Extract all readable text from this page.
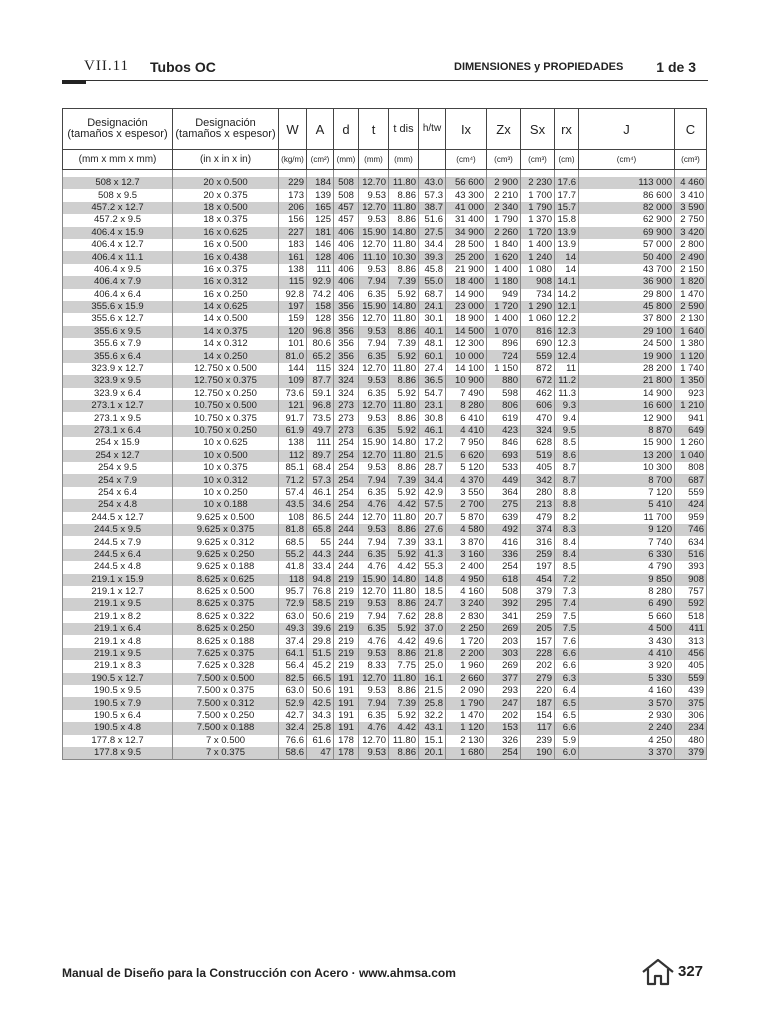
VII.11 Tubos OC	DIMENSIONES y PROPIEDADES 1 de 3
Designación
(tamaños x espesor)	Designación
(tamaños x espesor)	W	A	d	t	t dis	h/tw	Ix	Zx	Sx	rx	J	C
(mm x mm x mm)	(in x in x in)	(kg/m)	(cm²)	(mm)	(mm)	(mm)		(cm⁴)	(cm³)	(cm³)	(cm)	(cm⁴)	(cm³)

508 x 12.7	20 x 0.500	229	184	508	12.70	11.80	43.0	56 600	2 900	2 230	17.6	113 000	4 460
508 x 9.5	20 x 0.375	173	139	508	9.53	8.86	57.3	43 300	2 210	1 700	17.7	86 600	3 410
457.2 x 12.7	18 x 0.500	206	165	457	12.70	11.80	38.7	41 000	2 340	1 790	15.7	82 000	3 590
457.2 x 9.5	18 x 0.375	156	125	457	9.53	8.86	51.6	31 400	1 790	1 370	15.8	62 900	2 750
406.4 x 15.9	16 x 0.625	227	181	406	15.90	14.80	27.5	34 900	2 260	1 720	13.9	69 900	3 420
406.4 x 12.7	16 x 0.500	183	146	406	12.70	11.80	34.4	28 500	1 840	1 400	13.9	57 000	2 800
406.4 x 11.1	16 x 0.438	161	128	406	11.10	10.30	39.3	25 200	1 620	1 240	14	50 400	2 490
406.4 x 9.5	16 x 0.375	138	111	406	9.53	8.86	45.8	21 900	1 400	1 080	14	43 700	2 150
406.4 x 7.9	16 x 0.312	115	92.9	406	7.94	7.39	55.0	18 400	1 180	908	14.1	36 900	1 820
406.4 x 6.4	16 x 0.250	92.8	74.2	406	6.35	5.92	68.7	14 900	949	734	14.2	29 800	1 470
355.6 x 15.9	14 x 0.625	197	158	356	15.90	14.80	24.1	23 000	1 720	1 290	12.1	45 800	2 590
355.6 x 12.7	14 x 0.500	159	128	356	12.70	11.80	30.1	18 900	1 400	1 060	12.2	37 800	2 130
355.6 x 9.5	14 x 0.375	120	96.8	356	9.53	8.86	40.1	14 500	1 070	816	12.3	29 100	1 640
355.6 x 7.9	14 x 0.312	101	80.6	356	7.94	7.39	48.1	12 300	896	690	12.3	24 500	1 380
355.6 x 6.4	14 x 0.250	81.0	65.2	356	6.35	5.92	60.1	10 000	724	559	12.4	19 900	1 120
323.9 x 12.7	12.750 x 0.500	144	115	324	12.70	11.80	27.4	14 100	1 150	872	11	28 200	1 740
323.9 x 9.5	12.750 x 0.375	109	87.7	324	9.53	8.86	36.5	10 900	880	672	11.2	21 800	1 350
323.9 x 6.4	12.750 x 0.250	73.6	59.1	324	6.35	5.92	54.7	7 490	598	462	11.3	14 900	923
273.1 x 12.7	10.750 x 0.500	121	96.8	273	12.70	11.80	23.1	8 280	806	606	9.3	16 600	1 210
273.1 x 9.5	10.750 x 0.375	91.7	73.5	273	9.53	8.86	30.8	6 410	619	470	9.4	12 900	941
273.1 x 6.4	10.750 x 0.250	61.9	49.7	273	6.35	5.92	46.1	4 410	423	324	9.5	8 870	649
254 x 15.9	10 x 0.625	138	111	254	15.90	14.80	17.2	7 950	846	628	8.5	15 900	1 260
254 x 12.7	10 x 0.500	112	89.7	254	12.70	11.80	21.5	6 620	693	519	8.6	13 200	1 040
254 x 9.5	10 x 0.375	85.1	68.4	254	9.53	8.86	28.7	5 120	533	405	8.7	10 300	808
254 x 7.9	10 x 0.312	71.2	57.3	254	7.94	7.39	34.4	4 370	449	342	8.7	8 700	687
254 x 6.4	10 x 0.250	57.4	46.1	254	6.35	5.92	42.9	3 550	364	280	8.8	7 120	559
254 x 4.8	10 x 0.188	43.5	34.6	254	4.76	4.42	57.5	2 700	275	213	8.8	5 410	424
244.5 x 12.7	9.625 x 0.500	108	86.5	244	12.70	11.80	20.7	5 870	639	479	8.2	11 700	959
244.5 x 9.5	9.625 x 0.375	81.8	65.8	244	9.53	8.86	27.6	4 580	492	374	8.3	9 120	746
244.5 x 7.9	9.625 x 0.312	68.5	55	244	7.94	7.39	33.1	3 870	416	316	8.4	7 740	634
244.5 x 6.4	9.625 x 0.250	55.2	44.3	244	6.35	5.92	41.3	3 160	336	259	8.4	6 330	516
244.5 x 4.8	9.625 x 0.188	41.8	33.4	244	4.76	4.42	55.3	2 400	254	197	8.5	4 790	393
219.1 x 15.9	8.625 x 0.625	118	94.8	219	15.90	14.80	14.8	4 950	618	454	7.2	9 850	908
219.1 x 12.7	8.625 x 0.500	95.7	76.8	219	12.70	11.80	18.5	4 160	508	379	7.3	8 280	757
219.1 x 9.5	8.625 x 0.375	72.9	58.5	219	9.53	8.86	24.7	3 240	392	295	7.4	6 490	592
219.1 x 8.2	8.625 x 0.322	63.0	50.6	219	7.94	7.62	28.8	2 830	341	259	7.5	5 660	518
219.1 x 6.4	8.625 x 0.250	49.3	39.6	219	6.35	5.92	37.0	2 250	269	205	7.5	4 500	411
219.1 x 4.8	8.625 x 0.188	37.4	29.8	219	4.76	4.42	49.6	1 720	203	157	7.6	3 430	313
219.1 x 9.5	7.625 x 0.375	64.1	51.5	219	9.53	8.86	21.8	2 200	303	228	6.6	4 410	456
219.1 x 8.3	7.625 x 0.328	56.4	45.2	219	8.33	7.75	25.0	1 960	269	202	6.6	3 920	405
190.5 x 12.7	7.500 x 0.500	82.5	66.5	191	12.70	11.80	16.1	2 660	377	279	6.3	5 330	559
190.5 x 9.5	7.500 x 0.375	63.0	50.6	191	9.53	8.86	21.5	2 090	293	220	6.4	4 160	439
190.5 x 7.9	7.500 x 0.312	52.9	42.5	191	7.94	7.39	25.8	1 790	247	187	6.5	3 570	375
190.5 x 6.4	7.500 x 0.250	42.7	34.3	191	6.35	5.92	32.2	1 470	202	154	6.5	2 930	306
190.5 x 4.8	7.500 x 0.188	32.4	25.8	191	4.76	4.42	43.1	1 120	153	117	6.6	2 240	234
177.8 x 12.7	7 x 0.500	76.6	61.6	178	12.70	11.80	15.1	2 130	326	239	5.9	4 250	480
177.8 x 9.5	7 x 0.375	58.6	47	178	9.53	8.86	20.1	1 680	254	190	6.0	3 370	379
Manual de Diseño para la Construcción con Acero · www.ahmsa.com	327
